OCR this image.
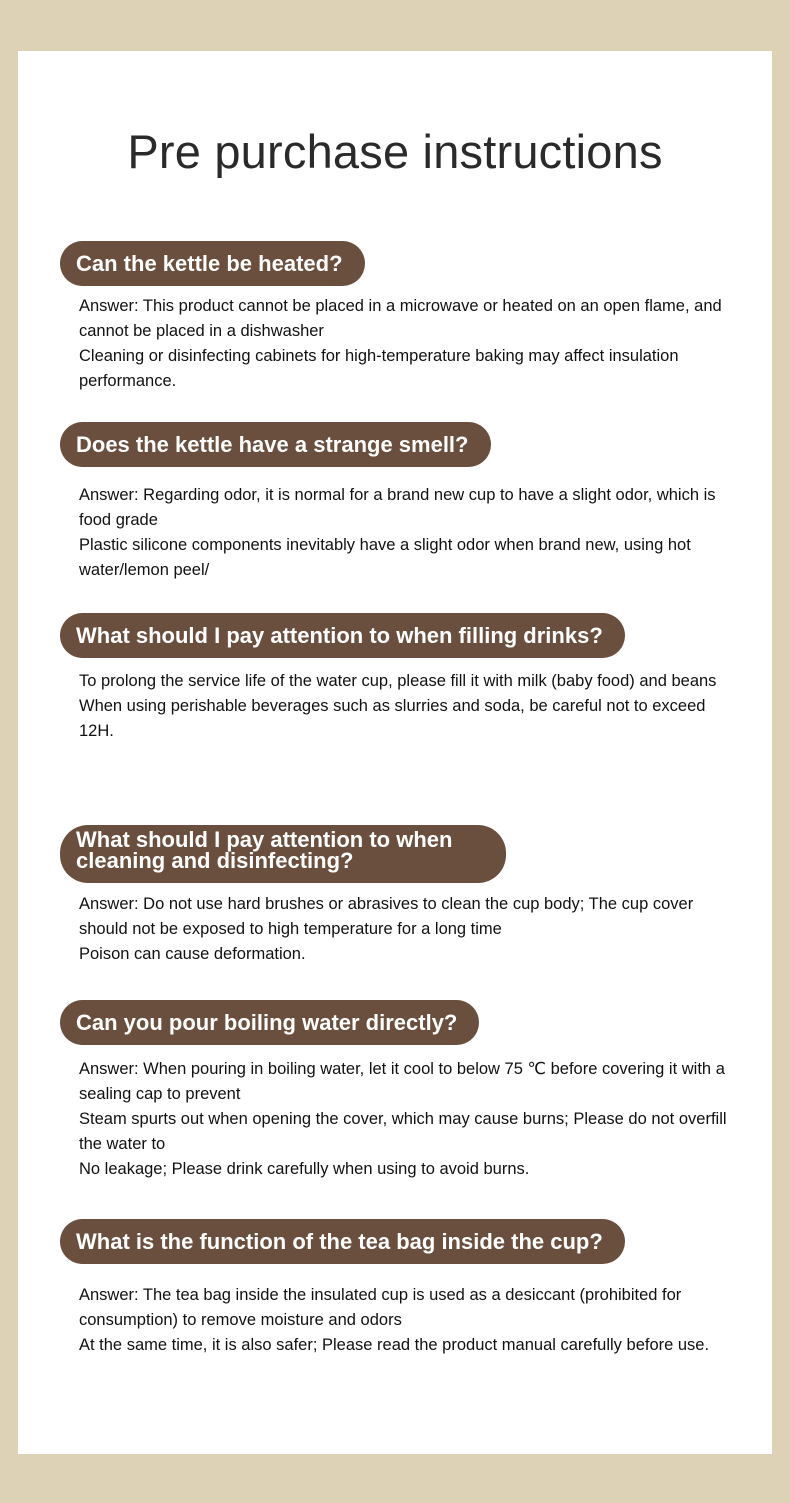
Pre purchase instructions
Can the kettle be heated?

Answer: This product cannot be placed in a microwave or heated on an open flame, and cannot be placed in a dishwasher

Cleaning or disinfecting cabinets for high-temperature baking may affect insulation performance.

Does the kettle have a strange smell?

Answer: Regarding odor, it is normal for a brand new cup to have a slight odor, which is food grade

Plastic silicone components inevitably have a slight odor when brand new, using hot water/lemon peel/

What should I pay attention to when filling drinks?

To prolong the service life of the water cup, please fill it with milk (baby food) and beans

When using perishable beverages such as slurries and soda, be careful not to exceed 12H.

What should I pay attention to when cleaning and disinfecting?

Answer: Do not use hard brushes or abrasives to clean the cup body; The cup cover should not be exposed to high temperature for a long time

Poison can cause deformation.

Can you pour boiling water directly?

Answer: When pouring in boiling water, let it cool to below 75 ℃ before covering it with a sealing cap to prevent

Steam spurts out when opening the cover, which may cause burns; Please do not overfill the water to

No leakage; Please drink carefully when using to avoid burns.

What is the function of the tea bag inside the cup?

Answer: The tea bag inside the insulated cup is used as a desiccant (prohibited for consumption) to remove moisture and odors

At the same time, it is also safer; Please read the product manual carefully before use.
